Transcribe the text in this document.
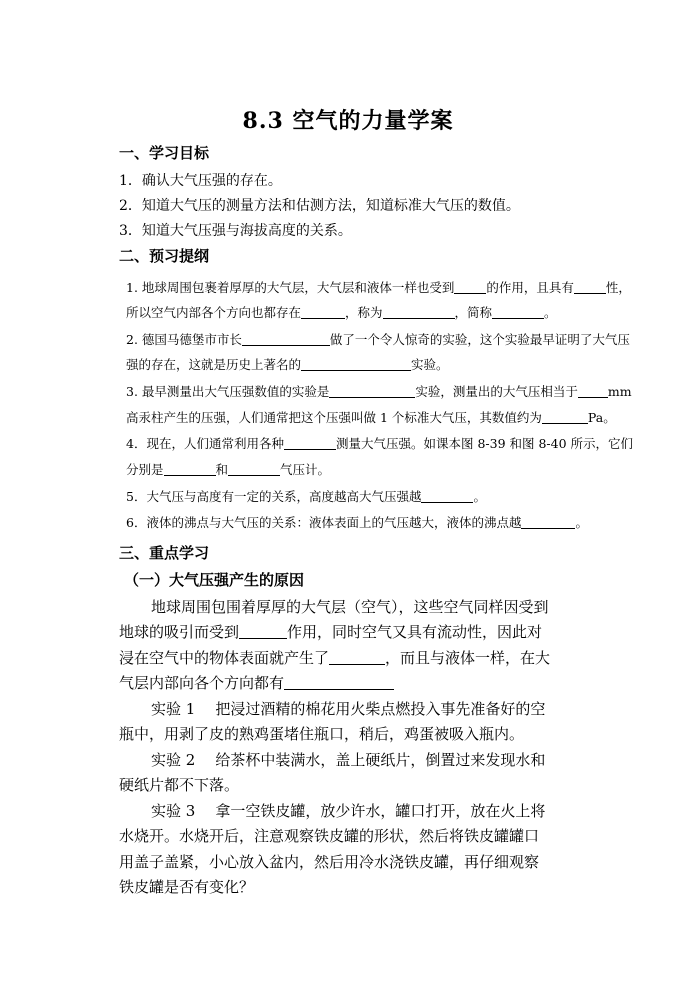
8.3 空气的力量学案
一、学习目标
1．确认大气压强的存在。
2．知道大气压的测量方法和估测方法，知道标准大气压的数值。
3．知道大气压强与海拔高度的关系。
二、预习提纲
1. 地球周围包裹着厚厚的大气层，大气层和液体一样也受到	的作用，且具有	性，
所以空气内部各个方向也都存在	，称为	，简称	。
2. 德国马德堡市市长	做了一个令人惊奇的实验，这个实验最早证明了大气压
强的存在，这就是历史上著名的	实验。
3. 最早测量出大气压强数值的实验是	实验，测量出的大气压相当于 mm
高汞柱产生的压强，人们通常把这个压强叫做 1 个标准大气压，其数值约为	Pa。
4．现在，人们通常利用各种	测量大气压强。如课本图 8-39 和图 8-40 所示，它们
分别是	和	气压计。
5．大气压与高度有一定的关系，高度越高大气压强越	。
6．液体的沸点与大气压的关系：液体表面上的气压越大，液体的沸点越	。
三、重点学习
（一）大气压强产生的原因
地球周围包围着厚厚的大气层（空气），这些空气同样因受到
地球的吸引而受到	作用，同时空气又具有流动性，因此对
浸在空气中的物体表面就产生了	，而且与液体一样，在大
气层内部向各个方向都有
实验 1 把浸过酒精的棉花用火柴点燃投入事先准备好的空
瓶中，用剥了皮的熟鸡蛋堵住瓶口，稍后，鸡蛋被吸入瓶内。
实验 2 给茶杯中装满水，盖上硬纸片，倒置过来发现水和
硬纸片都不下落。
实验 3 拿一空铁皮罐，放少许水，罐口打开，放在火上将
水烧开。水烧开后，注意观察铁皮罐的形状，然后将铁皮罐罐口
用盖子盖紧，小心放入盆内，然后用冷水浇铁皮罐，再仔细观察
铁皮罐是否有变化？
